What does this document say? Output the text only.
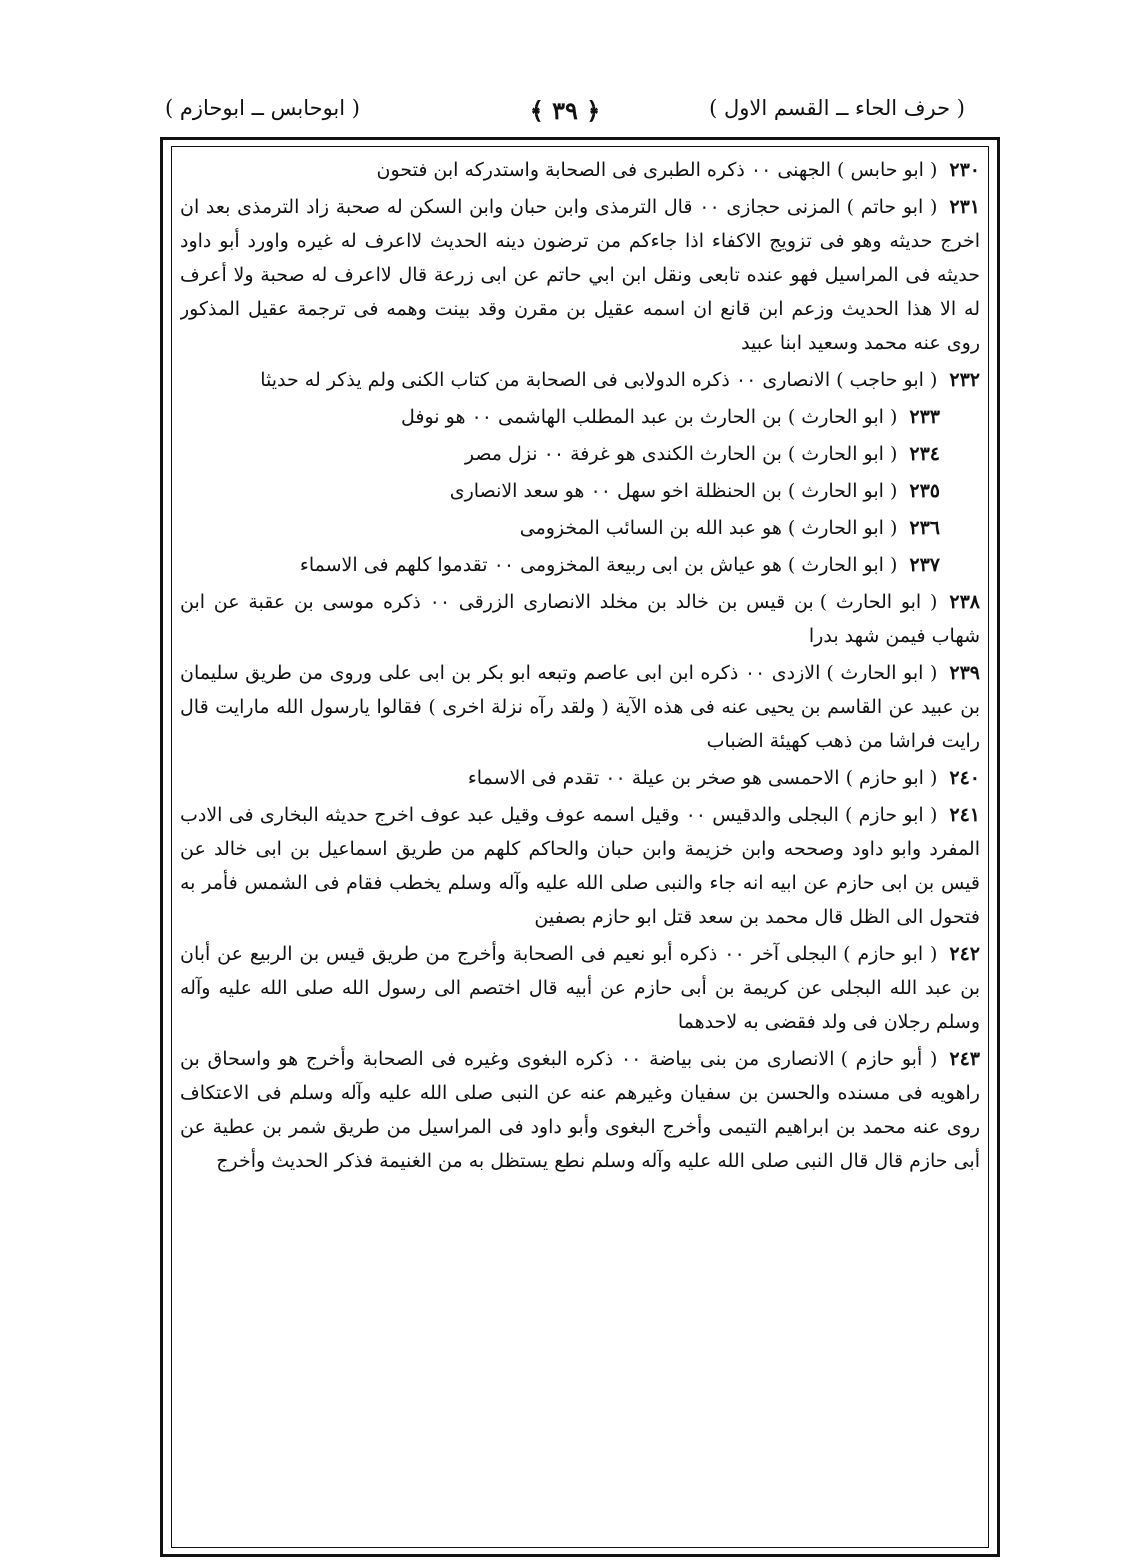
( حرف الحاء ــ القسم الاول )
﴿ ٣٩ ﴾
( ابوحابس ــ ابوحازم )

٢٣٠( ابو حابس )الجهنى ٠٠ ذكره الطبرى فى الصحابة واستدركه ابن فتحون

٢٣١( ابو حاتم )المزنى حجازى ٠٠ قال الترمذى وابن حبان وابن السكن له صحبة زاد الترمذى بعد ان اخرج حديثه وهو فى تزويج الاكفاء اذا جاءكم من ترضون دينه الحديث لااعرف له غيره واورد أبو داود حديثه فى المراسيل فهو عنده تابعى ونقل ابن ابي حاتم عن ابى زرعة قال لااعرف له صحبة ولا أعرف له الا هذا الحديث وزعم ابن قانع ان اسمه عقيل بن مقرن وقد بينت وهمه فى ترجمة عقيل المذكور روى عنه محمد وسعيد ابنا عبيد

٢٣٢( ابو حاجب )الانصارى ٠٠ ذكره الدولابى فى الصحابة من كتاب الكنى ولم يذكر له حديثا

٢٣٣( ابو الحارث )بن الحارث بن عبد المطلب الهاشمى ٠٠ هو نوفل

٢٣٤( ابو الحارث )بن الحارث الكندى هو غرفة ٠٠ نزل مصر

٢٣٥( ابو الحارث )بن الحنظلة اخو سهل ٠٠ هو سعد الانصارى

٢٣٦( ابو الحارث )هو عبد الله بن السائب المخزومى

٢٣٧( ابو الحارث )هو عياش بن ابى ربيعة المخزومى ٠٠ تقدموا كلهم فى الاسماء

٢٣٨( ابو الحارث )بن قيس بن خالد بن مخلد الانصارى الزرقى ٠٠ ذكره موسى بن عقبة عن ابن شهاب فيمن شهد بدرا

٢٣٩( ابو الحارث )الازدى ٠٠ ذكره ابن ابى عاصم وتبعه ابو بكر بن ابى على وروى من طريق سليمان بن عبيد عن القاسم بن يحيى عنه فى هذه الآية ( ولقد رآه نزلة اخرى ) فقالوا يارسول الله مارايت قال رايت فراشا من ذهب كهيئة الضباب

٢٤٠( ابو حازم )الاحمسى هو صخر بن عيلة ٠٠ تقدم فى الاسماء

٢٤١( ابو حازم )البجلى والدقيس ٠٠ وقيل اسمه عوف وقيل عبد عوف اخرج حديثه البخارى فى الادب المفرد وابو داود وصححه وابن خزيمة وابن حبان والحاكم كلهم من طريق اسماعيل بن ابى خالد عن قيس بن ابى حازم عن ابيه انه جاء والنبى صلى الله عليه وآله وسلم يخطب فقام فى الشمس فأمر به فتحول الى الظل قال محمد بن سعد قتل ابو حازم بصفين

٢٤٢( ابو حازم )البجلى آخر ٠٠ ذكره أبو نعيم فى الصحابة وأخرج من طريق قيس بن الربيع عن أبان بن عبد الله البجلى عن كريمة بن أبى حازم عن أبيه قال اختصم الى رسول الله صلى الله عليه وآله وسلم رجلان فى ولد فقضى به لاحدهما

٢٤٣( أبو حازم )الانصارى من بنى بياضة ٠٠ ذكره البغوى وغيره فى الصحابة وأخرج هو واسحاق بن راهويه فى مسنده والحسن بن سفيان وغيرهم عنه عن النبى صلى الله عليه وآله وسلم فى الاعتكاف روى عنه محمد بن ابراهيم التيمى وأخرج البغوى وأبو داود فى المراسيل من طريق شمر بن عطية عن أبى حازم قال قال النبى صلى الله عليه وآله وسلم نطع يستظل به من الغنيمة فذكر الحديث وأخرج
